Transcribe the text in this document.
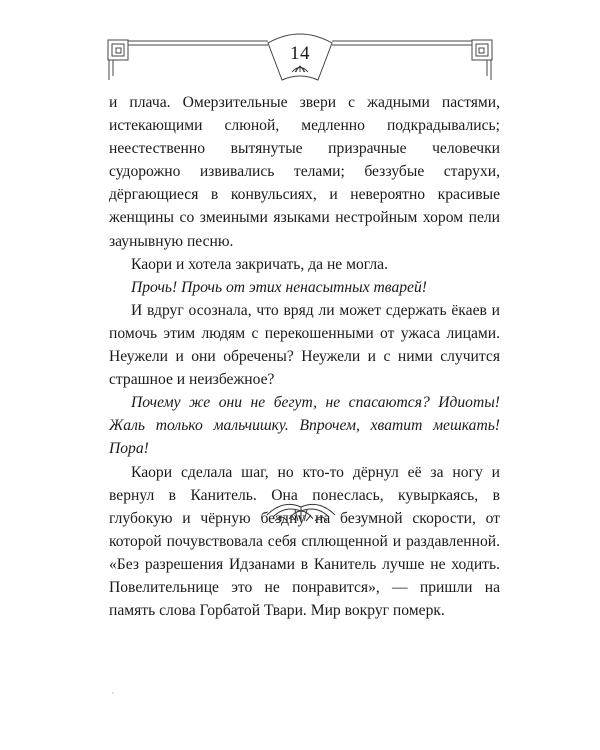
14

и плача. Омерзительные звери с жадными пастями, истекающими слюной, медленно подкрадывались; неестественно вытянутые призрачные человечки судорожно извивались телами; беззубые старухи, дёргающиеся в конвульсиях, и невероятно красивые женщины со змеиными языками нестройным хором пели заунывную песню.

Каори и хотела закричать, да не могла.

Прочь! Прочь от этих ненасытных тварей!

И вдруг осознала, что вряд ли может сдержать ёкаев и помочь этим людям с перекошенными от ужаса лицами. Неужели и они обречены? Неужели и с ними случится страшное и неизбежное?

Почему же они не бегут, не спасаются? Идиоты! Жаль только мальчишку. Впрочем, хватит мешкать! Пора!

Каори сделала шаг, но кто-то дёрнул её за ногу и вернул в Канитель. Она понеслась, кувыркаясь, в глубокую и чёрную бездну на безумной скорости, от которой почувствовала себя сплющенной и раздавленной. «Без разрешения Идзанами в Канитель лучше не ходить. Повелительнице это не понравится», — пришли на память слова Горбатой Твари. Мир вокруг померк.
